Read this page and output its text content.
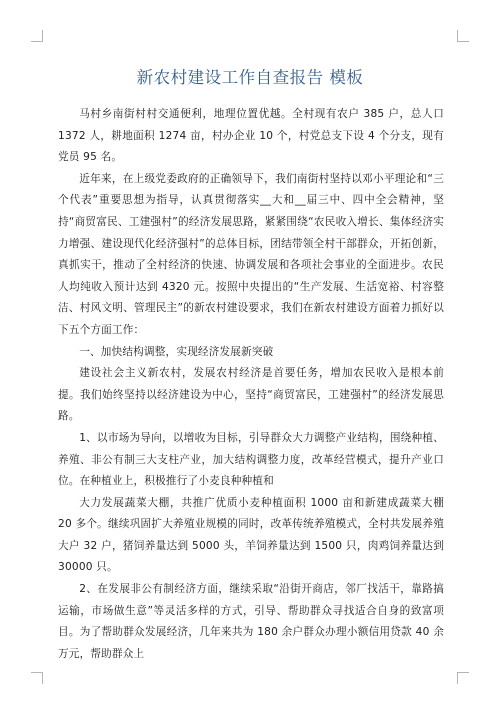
新农村建设工作自查报告 模板

马村乡南街村村交通便利，地理位置优越。全村现有农户 385 户，总人口 1372 人，耕地面积 1274 亩，村办企业 10 个，村党总支下设 4 个分支，现有党员 95 名。

近年来，在上级党委政府的正确领导下，我们南街村坚持以邓小平理论和“三个代表”重要思想为指导，认真贯彻落实__大和__届三中、四中全会精神，坚持“商贸富民、工建强村”的经济发展思路，紧紧围绕“农民收入增长、集体经济实力增强、建设现代化经济强村”的总体目标，团结带领全村干部群众，开拓创新，真抓实干，推动了全村经济的快速、协调发展和各项社会事业的全面进步。农民人均纯收入预计达到 4320 元。按照中央提出的“生产发展、生活宽裕、村容整洁、村风文明、管理民主”的新农村建设要求，我们在新农村建设方面着力抓好以下五个方面工作：

一、加快结构调整，实现经济发展新突破

建设社会主义新农村，发展农村经济是首要任务，增加农民收入是根本前提。我们始终坚持以经济建设为中心，坚持“商贸富民，工建强村”的经济发展思路。

1、以市场为导向，以增收为目标，引导群众大力调整产业结构，围绕种植、养殖、非公有制三大支柱产业，加大结构调整力度，改革经营模式，提升产业口位。在种植业上，积极推行了小麦良种种植和

大力发展蔬菜大棚，共推广优质小麦种植面积 1000 亩和新建成蔬菜大棚 20 多个。继续巩固扩大养殖业规模的同时，改革传统养殖模式，全村共发展养殖大户 32 户，猪饲养量达到 5000 头，羊饲养量达到 1500 只，肉鸡饲养量达到 30000 只。

2、在发展非公有制经济方面，继续采取“沿街开商店，邻厂找活干，靠路搞运输，市场做生意”等灵活多样的方式，引导、帮助群众寻找适合自身的致富项目。为了帮助群众发展经济，几年来共为 180 余户群众办理小额信用贷款 40 余万元，帮助群众上
